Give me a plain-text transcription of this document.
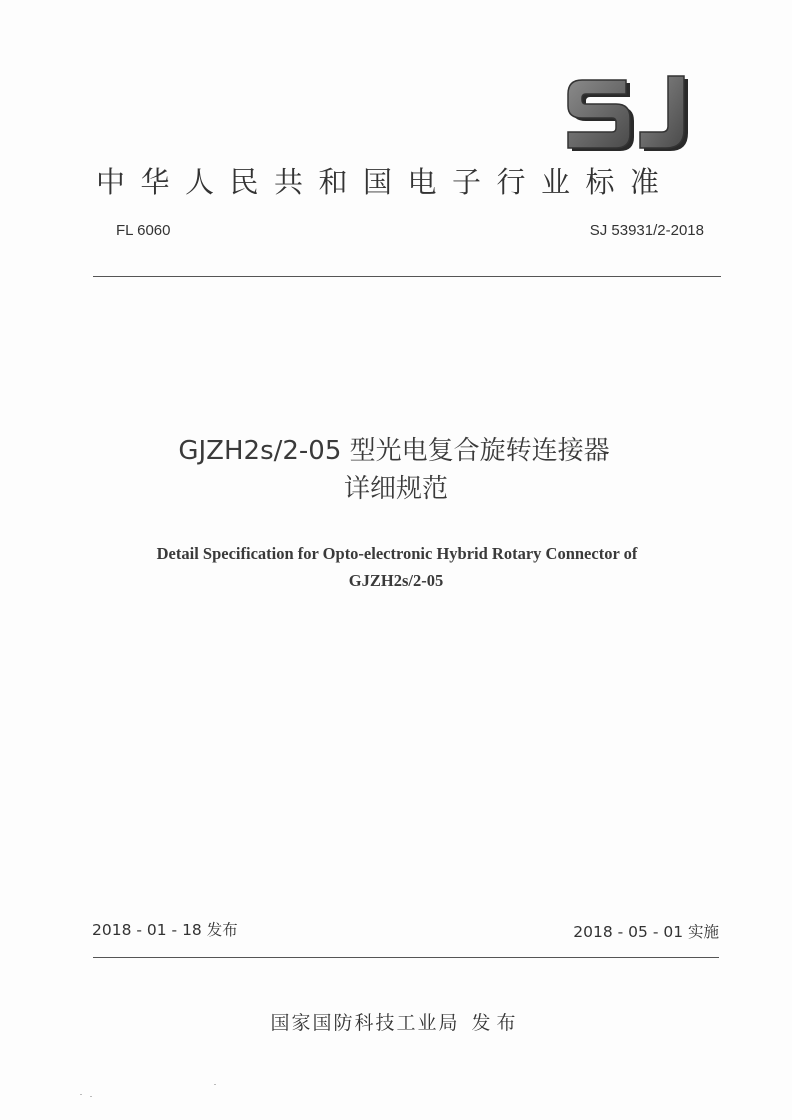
中华人民共和国电子行业标准
FL 6060	SJ 53931/2-2018
GJZH2s/2-05 型光电复合旋转连接器
详细规范
Detail Specification for Opto-electronic Hybrid Rotary Connector of
GJZH2s/2-05
2018 - 01 - 18 发布	2018 - 05 - 01 实施
国家国防科技工业局 发布
